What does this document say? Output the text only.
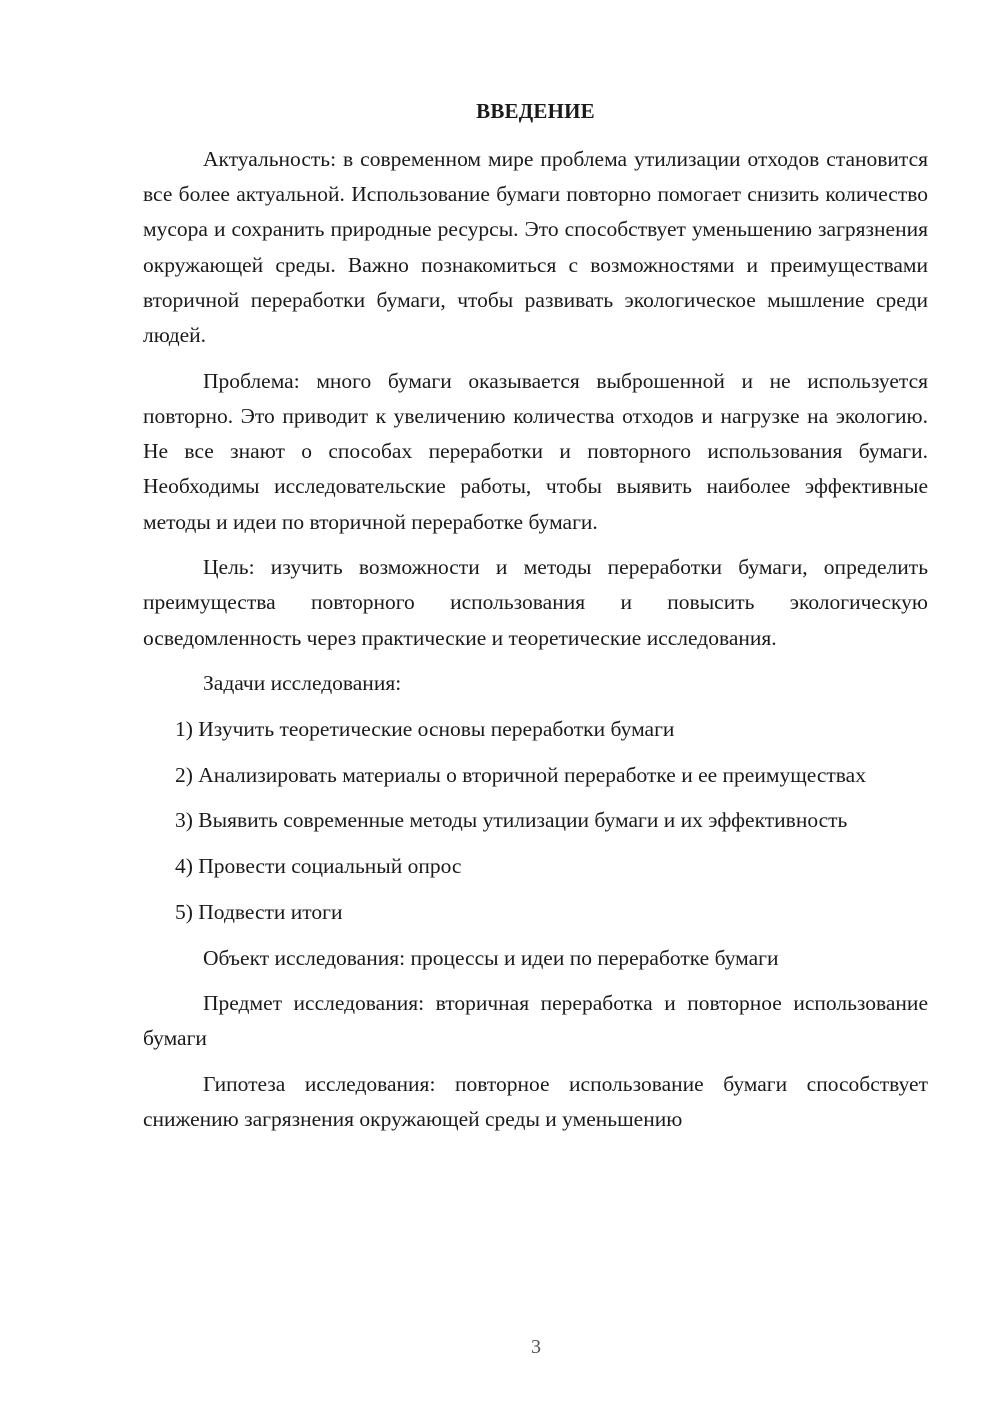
ВВЕДЕНИЕ

Актуальность: в современном мире проблема утилизации отходов становится все более актуальной. Использование бумаги повторно помогает снизить количество мусора и сохранить природные ресурсы. Это способствует уменьшению загрязнения окружающей среды. Важно познакомиться с возможностями и преимуществами вторичной переработки бумаги, чтобы развивать экологическое мышление среди людей.

Проблема: много бумаги оказывается выброшенной и не используется повторно. Это приводит к увеличению количества отходов и нагрузке на экологию. Не все знают о способах переработки и повторного использования бумаги. Необходимы исследовательские работы, чтобы выявить наиболее эффективные методы и идеи по вторичной переработке бумаги.

Цель: изучить возможности и методы переработки бумаги, определить преимущества повторного использования и повысить экологическую осведомленность через практические и теоретические исследования.

Задачи исследования:

1) Изучить теоретические основы переработки бумаги

2) Анализировать материалы о вторичной переработке и ее преимуществах

3) Выявить современные методы утилизации бумаги и их эффективность

4) Провести социальный опрос

5) Подвести итоги

Объект исследования: процессы и идеи по переработке бумаги

Предмет исследования: вторичная переработка и повторное использование бумаги

Гипотеза исследования: повторное использование бумаги способствует снижению загрязнения окружающей среды и уменьшению

3
